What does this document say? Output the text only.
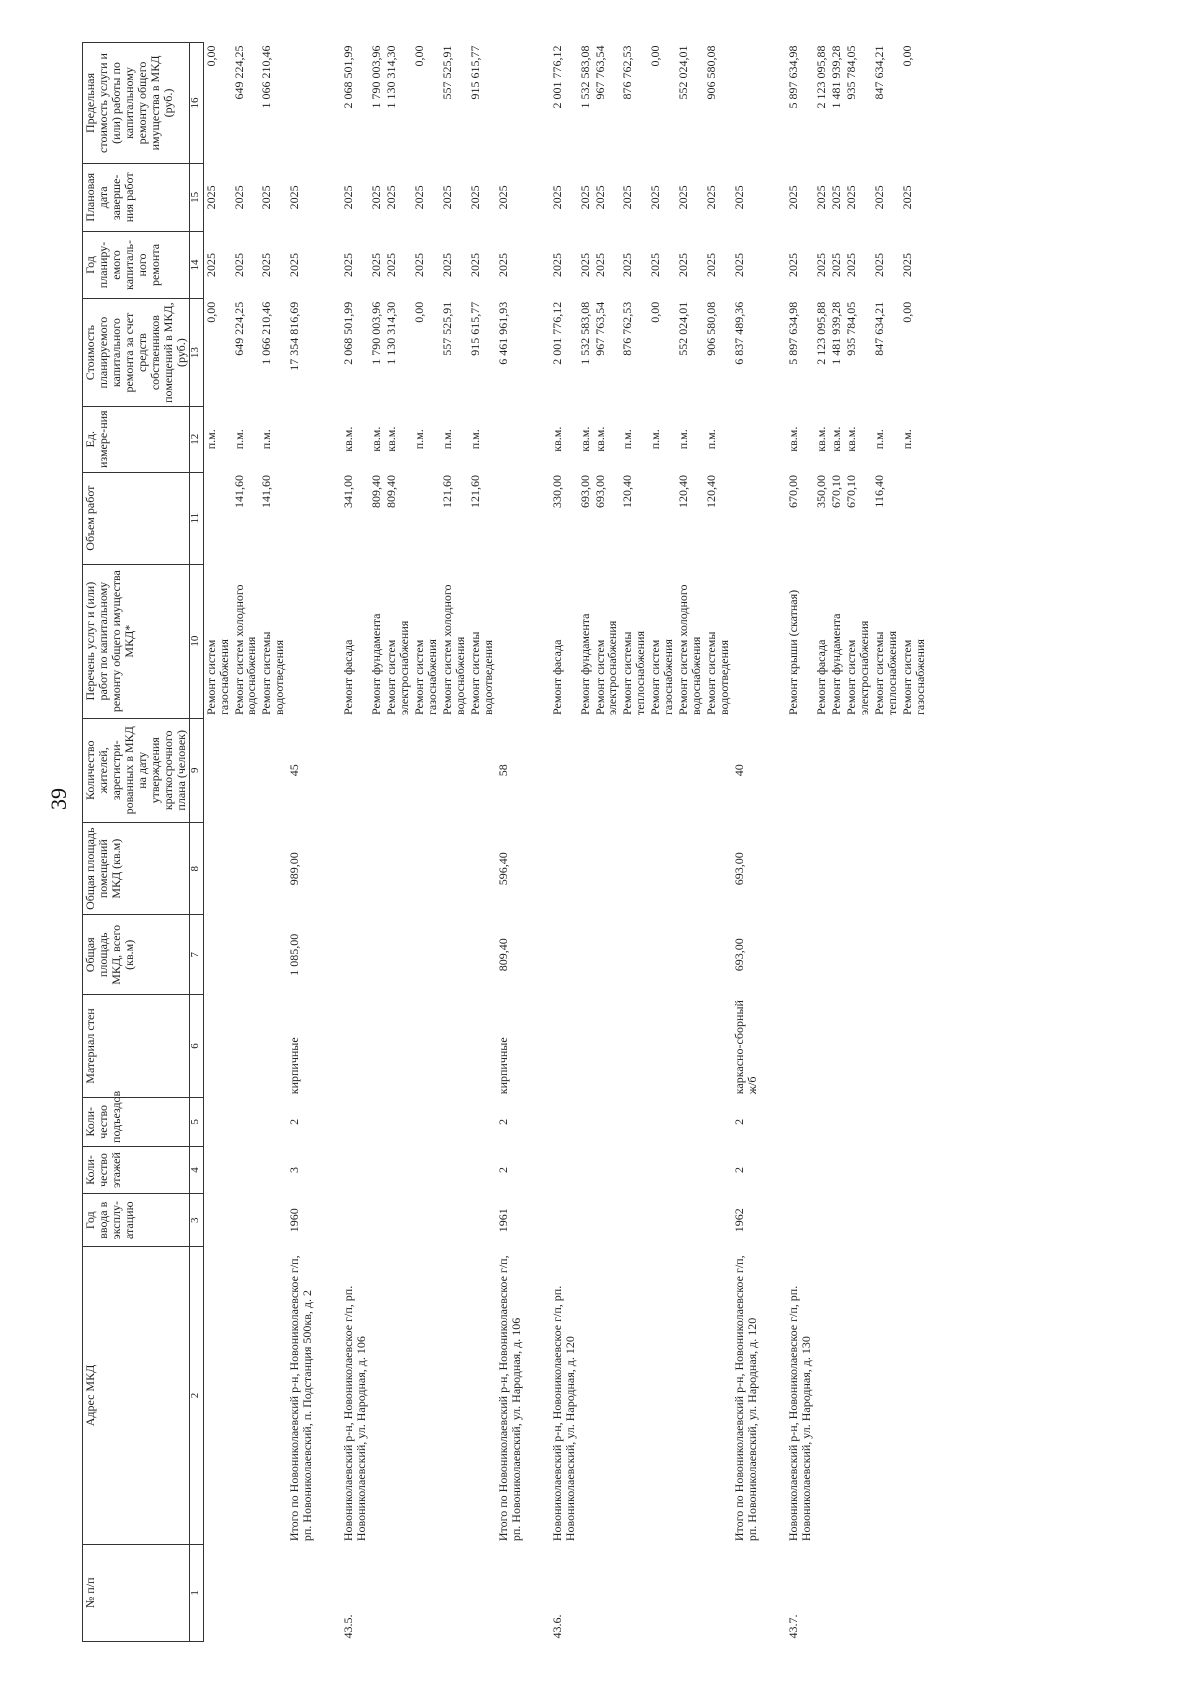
39
№ п/п	Адрес МКД	Год ввода в эксплу-атацию	Коли-чество этажей	Коли-чество подъездов	Материал стен	Общая площадь МКД, всего (кв.м)	Общая площадь помещений МКД (кв.м)	Количество жителей, зарегистри-рованных в МКД на дату утверждения краткосрочного плана (человек)	Перечень услуг и (или) работ по капитальному ремонту общего имущества МКД*	Объем работ	Ед. измере-ния	Стоимость планируемого капитального ремонта за счет средств собственников помещений в МКД, (руб.)	Год планиру-емого капиталь-ного ремонта	Плановая дата заверше-ния работ	Предельная стоимость услуги и (или) работы по капитальному ремонту общего имущества в МКД (руб.)
1	2	3	4	5	6	7	8	9	10	11	12	13	14	15	16
									Ремонт систем газоснабжения		п.м.	0,00	2025	2025	0,00
									Ремонт систем холодного водоснабжения	141,60	п.м.	649 224,25	2025	2025	649 224,25
									Ремонт системы водоотведения	141,60	п.м.	1 066 210,46	2025	2025	1 066 210,46
	Итого по Новониколаевский р-н, Новониколаевское г/п, рп. Новониколаевский, п. Подстанция 500кв, д. 2	1960	3	2	кирпичные	1 085,00	989,00	45				17 354 816,69	2025	2025	

43.5.	Новониколаевский р-н, Новониколаевское г/п, рп. Новониколаевский, ул. Народная, д. 106								Ремонт фасада	341,00	кв.м.	2 068 501,99	2025	2025	2 068 501,99
									Ремонт фундамента	809,40	кв.м.	1 790 003,96	2025	2025	1 790 003,96
									Ремонт систем электроснабжения	809,40	кв.м.	1 130 314,30	2025	2025	1 130 314,30
									Ремонт систем газоснабжения		п.м.	0,00	2025	2025	0,00
									Ремонт систем холодного водоснабжения	121,60	п.м.	557 525,91	2025	2025	557 525,91
									Ремонт системы водоотведения	121,60	п.м.	915 615,77	2025	2025	915 615,77
	Итого по Новониколаевский р-н, Новониколаевское г/п, рп. Новониколаевский, ул. Народная, д. 106	1961	2	2	кирпичные	809,40	596,40	58				6 461 961,93	2025	2025	

43.6.	Новониколаевский р-н, Новониколаевское г/п, рп. Новониколаевский, ул. Народная, д. 120								Ремонт фасада	330,00	кв.м.	2 001 776,12	2025	2025	2 001 776,12
									Ремонт фундамента	693,00	кв.м.	1 532 583,08	2025	2025	1 532 583,08
									Ремонт систем электроснабжения	693,00	кв.м.	967 763,54	2025	2025	967 763,54
									Ремонт системы теплоснабжения	120,40	п.м.	876 762,53	2025	2025	876 762,53
									Ремонт систем газоснабжения		п.м.	0,00	2025	2025	0,00
									Ремонт систем холодного водоснабжения	120,40	п.м.	552 024,01	2025	2025	552 024,01
									Ремонт системы водоотведения	120,40	п.м.	906 580,08	2025	2025	906 580,08
	Итого по Новониколаевский р-н, Новониколаевское г/п, рп. Новониколаевский, ул. Народная, д. 120	1962	2	2	каркасно-сборный ж/б	693,00	693,00	40				6 837 489,36	2025	2025	

43.7.	Новониколаевский р-н, Новониколаевское г/п, рп. Новониколаевский, ул. Народная, д. 130								Ремонт крыши (скатная)	670,00	кв.м.	5 897 634,98	2025	2025	5 897 634,98
									Ремонт фасада	350,00	кв.м.	2 123 095,88	2025	2025	2 123 095,88
									Ремонт фундамента	670,10	кв.м.	1 481 939,28	2025	2025	1 481 939,28
									Ремонт систем электроснабжения	670,10	кв.м.	935 784,05	2025	2025	935 784,05
									Ремонт системы теплоснабжения	116,40	п.м.	847 634,21	2025	2025	847 634,21
									Ремонт систем газоснабжения		п.м.	0,00	2025	2025	0,00
